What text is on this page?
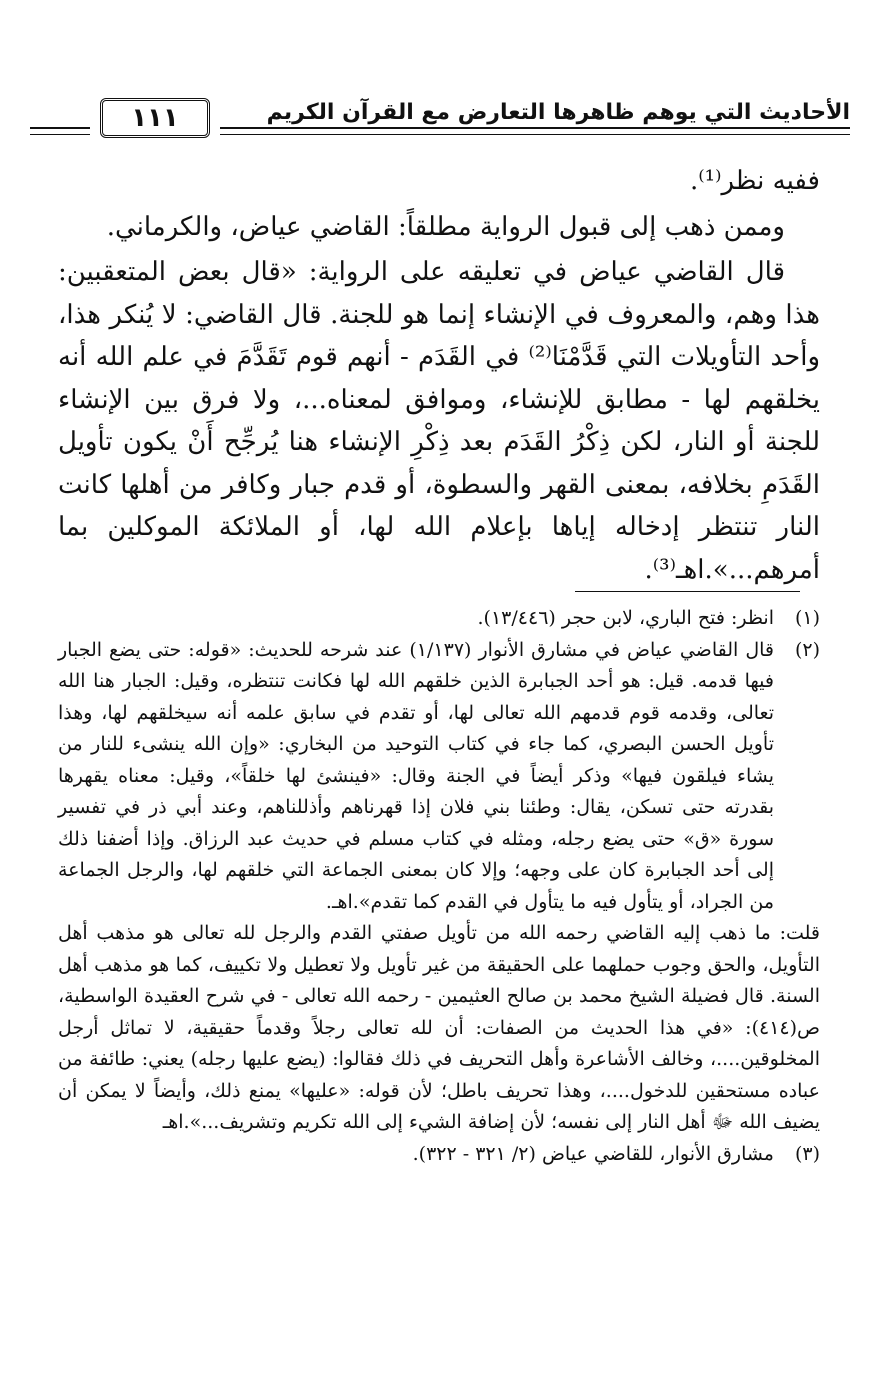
١١١	الأحاديث التي يوهم ظاهرها التعارض مع القرآن الكريم

ففيه نظر⁽¹⁾.

وممن ذهب إلى قبول الرواية مطلقاً: القاضي عياض، والكرماني.

قال القاضي عياض في تعليقه على الرواية: «قال بعض المتعقبين: هذا وهم، والمعروف في الإنشاء إنما هو للجنة. قال القاضي: لا يُنكر هذا، وأحد التأويلات التي قَدَّمْنَا⁽²⁾ في القَدَم - أنهم قوم تَقَدَّمَ في علم الله أنه يخلقهم لها - مطابق للإنشاء، وموافق لمعناه...، ولا فرق بين الإنشاء للجنة أو النار، لكن ذِكْرُ القَدَم بعد ذِكْرِ الإنشاء هنا يُرجِّح أَنْ يكون تأويل القَدَمِ بخلافه، بمعنى القهر والسطوة، أو قدم جبار وكافر من أهلها كانت النار تنتظر إدخاله إياها بإعلام الله لها، أو الملائكة الموكلين بما أمرهم...».اهـ⁽³⁾.

(١)
انظر: فتح الباري، لابن حجر (١٣/٤٤٦).
(٢)

قال القاضي عياض في مشارق الأنوار (١/١٣٧) عند شرحه للحديث: «قوله: حتى يضع الجبار فيها قدمه. قيل: هو أحد الجبابرة الذين خلقهم الله لها فكانت تنتظره، وقيل: الجبار هنا الله تعالى، وقدمه قوم قدمهم الله تعالى لها، أو تقدم في سابق علمه أنه سيخلقهم لها، وهذا تأويل الحسن البصري، كما جاء في كتاب التوحيد من البخاري: «وإن الله ينشىء للنار من يشاء فيلقون فيها» وذكر أيضاً في الجنة وقال: «فينشئ لها خلقاً»، وقيل: معناه يقهرها بقدرته حتى تسكن، يقال: وطئنا بني فلان إذا قهرناهم وأذللناهم، وعند أبي ذر في تفسير سورة «ق» حتى يضع رجله، ومثله في كتاب مسلم في حديث عبد الرزاق. وإذا أضفنا ذلك إلى أحد الجبابرة كان على وجهه؛ وإلا كان بمعنى الجماعة التي خلقهم لها، والرجل الجماعة من الجراد، أو يتأول فيه ما يتأول في القدم كما تقدم».اهـ.

قلت: ما ذهب إليه القاضي رحمه الله من تأويل صفتي القدم والرجل لله تعالى هو مذهب أهل التأويل، والحق وجوب حملهما على الحقيقة من غير تأويل ولا تعطيل ولا تكييف، كما هو مذهب أهل السنة. قال فضيلة الشيخ محمد بن صالح العثيمين - رحمه الله تعالى - في شرح العقيدة الواسطية، ص(٤١٤): «في هذا الحديث من الصفات: أن لله تعالى رجلاً وقدماً حقيقية، لا تماثل أرجل المخلوقين....، وخالف الأشاعرة وأهل التحريف في ذلك فقالوا: (يضع عليها رجله) يعني: طائفة من عباده مستحقين للدخول....، وهذا تحريف باطل؛ لأن قوله: «عليها» يمنع ذلك، وأيضاً لا يمكن أن يضيف الله ﷻ أهل النار إلى نفسه؛ لأن إضافة الشيء إلى الله تكريم وتشريف...».اهـ

(٣)
مشارق الأنوار، للقاضي عياض (٢/ ٣٢١ - ٣٢٢).
